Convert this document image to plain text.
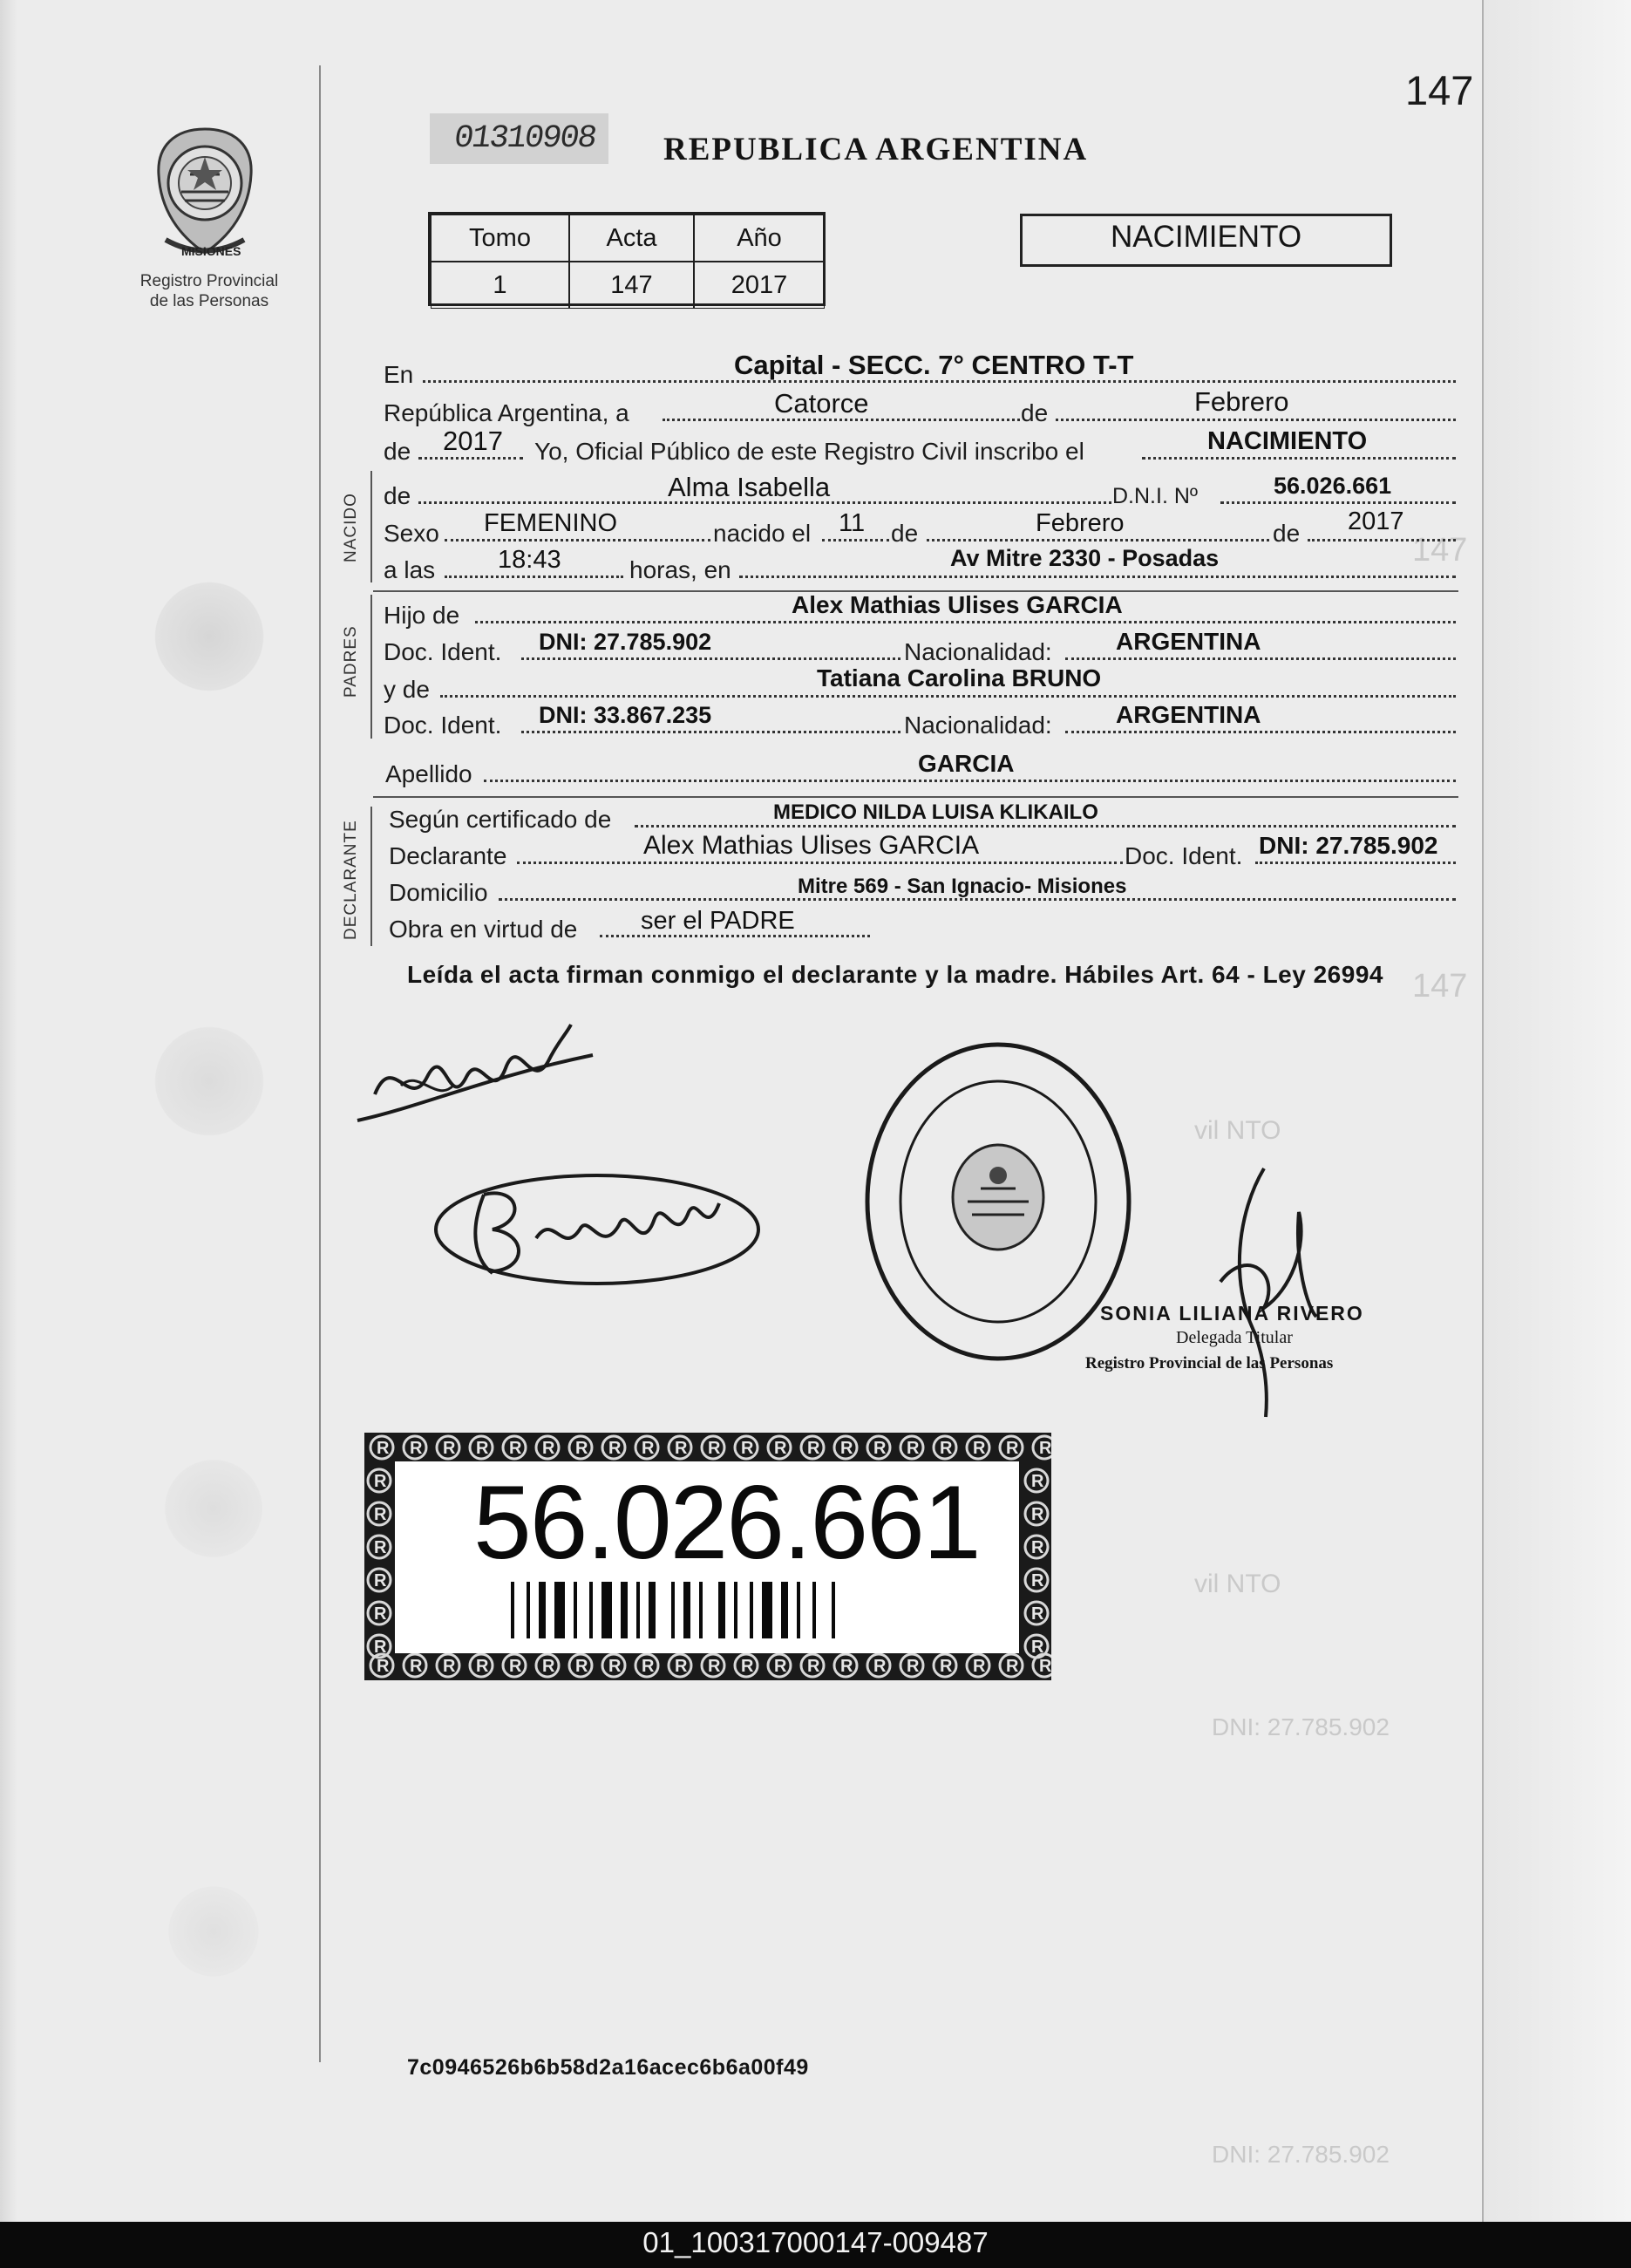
147
147
vil NTO
vil NTO
DNI: 27.785.902
DNI: 27.785.902
147
MISIONES
Registro Provincial
de las Personas
01310908 REPUBLICA ARGENTINA
Tomo	Acta	Año
1	147	2017
NACIMIENTO
En	Capital - SECC. 7° CENTRO T-T
República Argentina, a	Catorce	de	Febrero
de 2017 Yo, Oficial Público de este Registro Civil inscribo el	NACIMIENTO
NACIDO de	Alma Isabella	D.N.I. Nº	56.026.661
Sexo FEMENINO	nacido el 11 de	Febrero	de 2017
a las 18:43	horas, en	Av Mitre 2330 - Posadas
PADRES
Hijo de	Alex Mathias Ulises GARCIA
Doc. Ident. DNI: 27.785.902	Nacionalidad:	ARGENTINA
y de	Tatiana Carolina BRUNO
Doc. Ident. DNI: 33.867.235	Nacionalidad:	ARGENTINA
Apellido	GARCIA
DECLARANTE
Según certificado de	MEDICO NILDA LUISA KLIKAILO
Declarante	Alex Mathias Ulises GARCIA	Doc. Ident. DNI: 27.785.902
Domicilio	Mitre 569 - San Ignacio- Misiones
Obra en virtud de	ser el PADRE
Leída el acta firman conmigo el declarante y la madre. Hábiles Art. 64 - Ley 26994
SONIA LILIANA RIVERO
Delegada Titular
Registro Provincial de las Personas
R
R
R
R
R
R
R
R
R
R
R
R
R
R
R
R
R
R
R
R
R
R
R
R
R
R
R
R
R
R
R
R
R
R
R
R
R
R
R
R
R
R
R	R
R	R
R	R
R	R
R	R
R	R
56.026.661
7c0946526b6b58d2a16acec6b6a00f49
01_100317000147-009487
